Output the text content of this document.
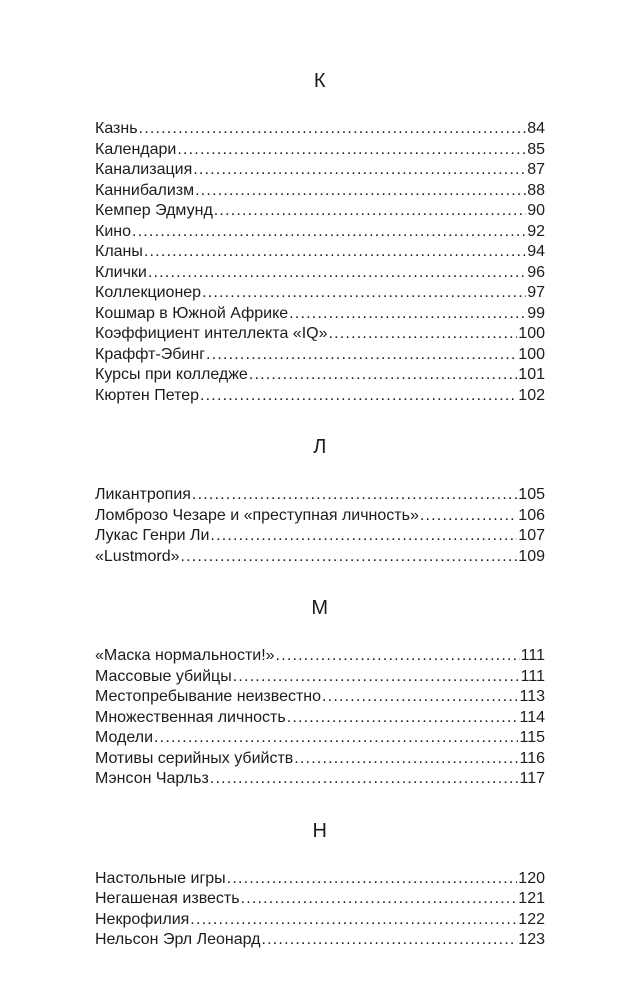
К
Казнь .....	84
Календари .....	85
Канализация .....	87
Каннибализм .....	88
Кемпер Эдмунд .....	90
Кино .....	92
Кланы .....	94
Клички .....	96
Коллекционер .....	97
Кошмар в Южной Африке .....	99
Коэффициент интеллекта «IQ» .....	100
Краффт-Эбинг .....	100
Курсы при колледже .....	101
Кюртен Петер .....	102
Л
Ликантропия .....	105
Ломброзо Чезаре и «преступная личность» .....	106
Лукас Генри Ли .....	107
«Lustmord» .....	109
М
«Маска нормальности!» .....	111
Массовые убийцы .....	111
Местопребывание неизвестно .....	113
Множественная личность .....	114
Модели .....	115
Мотивы серийных убийств .....	116
Мэнсон Чарльз .....	117
Н
Настольные игры .....	120
Негашеная известь .....	121
Некрофилия .....	122
Нельсон Эрл Леонард .....	123
